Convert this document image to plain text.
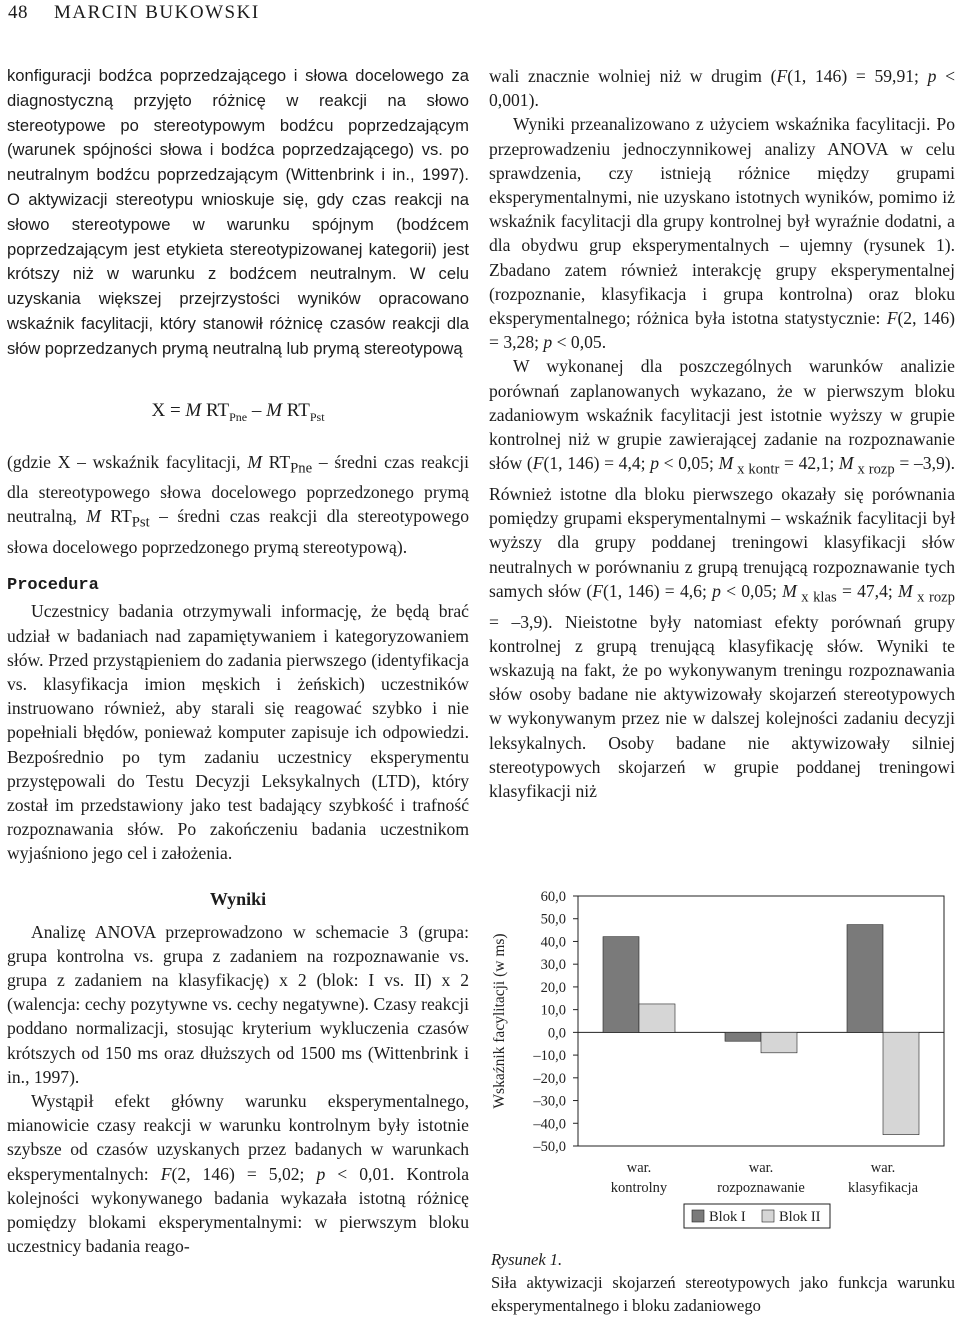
48 MARCIN BUKOWSKI

konfiguracji bodźca poprzedzającego i słowa docelowego za diagnostyczną przyjęto różnicę w reakcji na słowo stereotypowe po stereotypowym bodźcu poprzedzającym (warunek spójności słowa i bodźca poprzedzającego) vs. po neutralnym bodźcu poprzedzającym (Wittenbrink i in., 1997). O aktywizacji stereotypu wnioskuje się, gdy czas reakcji na słowo stereotypowe w warunku spójnym (bodźcem poprzedzającym jest etykieta stereotypizowanej kategorii) jest krótszy niż w warunku z bodźcem neutralnym. W celu uzyskania większej przejrzystości wyników opracowano wskaźnik facylitacji, który stanowił różnicę czasów reakcji dla słów poprzedzanych prymą neutralną lub prymą stereotypową

X = M $RT_{Pne}$ – M $RT_{Pst}$

(gdzie X – wskaźnik facylitacji, M $RT_{Pne}$ – średni czas reakcji dla stereotypowego słowa docelowego poprzedzonego prymą neutralną, M $RT_{Pst}$ – średni czas reakcji dla stereotypowego słowa docelowego poprzedzonego prymą stereotypową).

Procedura

Uczestnicy badania otrzymywali informację, że będą brać udział w badaniach nad zapamiętywaniem i kategoryzowaniem słów. Przed przystąpieniem do zadania pierwszego (identyfikacja vs. klasyfikacja imion męskich i żeńskich) uczestników instruowano również, aby starali się reagować szybko i nie popełniali błędów, ponieważ komputer zapisuje ich odpowiedzi. Bezpośrednio po tym zadaniu uczestnicy eksperymentu przystępowali do Testu Decyzji Leksykalnych (LTD), który został im przedstawiony jako test badający szybkość i trafność rozpoznawania słów. Po zakończeniu badania uczestnikom wyjaśniono jego cel i założenia.

Wyniki

Analizę ANOVA przeprowadzono w schemacie 3 (grupa: grupa kontrolna vs. grupa z zadaniem na rozpoznawanie vs. grupa z zadaniem na klasyfikację) x 2 (blok: I vs. II) x 2 (walencja: cechy pozytywne vs. cechy negatywne). Czasy reakcji poddano normalizacji, stosując kryterium wykluczenia czasów krótszych od 150 ms oraz dłuższych od 1500 ms (Wittenbrink i in., 1997).

Wystąpił efekt główny warunku eksperymentalnego, mianowicie czasy reakcji w warunku kontrolnym były istotnie szybsze od czasów uzyskanych przez badanych w warunkach eksperymentalnych: F(2, 146) = 5,02; p < 0,01. Kontrola kolejności wykonywanego badania wykazała istotną różnicę pomiędzy blokami eksperymentalnymi: w pierwszym bloku uczestnicy badania reago-

wali znacznie wolniej niż w drugim (F(1, 146) = 59,91; p < 0,001).

Wyniki przeanalizowano z użyciem wskaźnika facylitacji. Po przeprowadzeniu jednoczynnikowej analizy ANOVA w celu sprawdzenia, czy istnieją różnice między grupami eksperymentalnymi, nie uzyskano istotnych wyników, pomimo iż wskaźnik facylitacji dla grupy kontrolnej był wyraźnie dodatni, a dla obydwu grup eksperymentalnych – ujemny (rysunek 1). Zbadano zatem również interakcję grupy eksperymentalnej (rozpoznanie, klasyfikacja i grupa kontrolna) oraz bloku eksperymentalnego; różnica była istotna statystycznie: F(2, 146) = 3,28; p < 0,05.

W wykonanej dla poszczególnych warunków analizie porównań zaplanowanych wykazano, że w pierwszym bloku zadaniowym wskaźnik facylitacji jest istotnie wyższy w grupie kontrolnej niż w grupie zawierającej zadanie na rozpoznawanie słów (F(1, 146) = 4,4; p < 0,05; M $_{x kontr}$ = 42,1; M $_{x rozp}$ = –3,9). Również istotne dla bloku pierwszego okazały się porównania pomiędzy grupami eksperymentalnymi – wskaźnik facylitacji był wyższy dla grupy poddanej treningowi klasyfikacji słów neutralnych w porównaniu z grupą trenującą rozpoznawanie tych samych słów (F(1, 146) = 4,6; p < 0,05; M $_{x klas}$ = 47,4; M $_{x rozp}$ = –3,9). Nieistotne były natomiast efekty porównań grupy kontrolnej z grupą trenującą klasyfikację słów. Wyniki te wskazują na fakt, że po wykonywanym treningu rozpoznawania słów osoby badane nie aktywizowały skojarzeń stereotypowych w wykonywanym przez nie w dalszej kolejności zadaniu decyzji leksykalnych. Osoby badane nie aktywizowały silniej stereotypowych skojarzeń w grupie poddanej treningowi klasyfikacji niż

60,0
50,0
40,0
30,0
20,0
10,0
0,0
–10,0
–20,0
–30,0
–40,0
–50,0
war.
kontrolny
war.
rozpoznawanie
war.
klasyfikacja
Wskaźnik facylitacji (w ms)
Blok I Blok II
Rysunek 1.
Siła aktywizacji skojarzeń stereotypowych jako funkcja warunku eksperymentalnego i bloku zadaniowego
